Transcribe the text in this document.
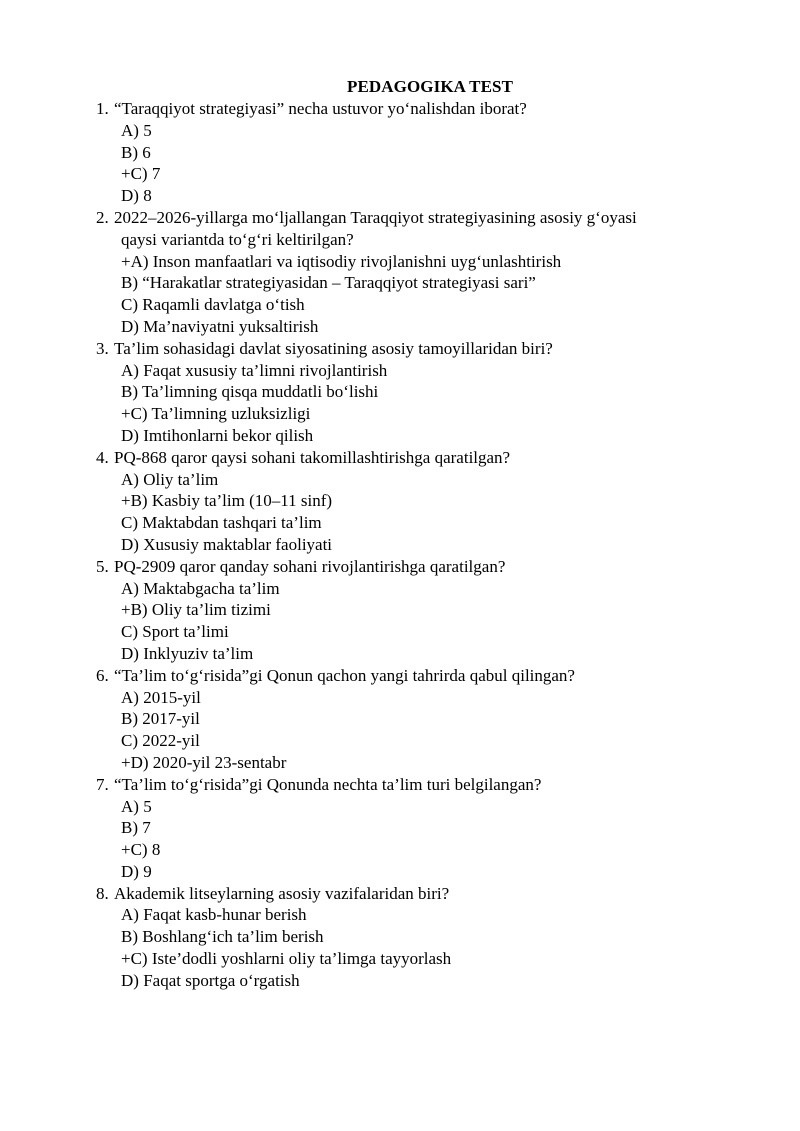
PEDAGOGIKA TEST
1. “Taraqqiyot strategiyasi” necha ustuvor yo‘nalishdan iborat?
A) 5
B) 6
+C) 7
D) 8
2. 2022–2026-yillarga mo‘ljallangan Taraqqiyot strategiyasining asosiy g‘oyasi
qaysi variantda to‘g‘ri keltirilgan?
+A) Inson manfaatlari va iqtisodiy rivojlanishni uyg‘unlashtirish
B) “Harakatlar strategiyasidan – Taraqqiyot strategiyasi sari”
C) Raqamli davlatga o‘tish
D) Ma’naviyatni yuksaltirish
3. Ta’lim sohasidagi davlat siyosatining asosiy tamoyillaridan biri?
A) Faqat xususiy ta’limni rivojlantirish
B) Ta’limning qisqa muddatli bo‘lishi
+C) Ta’limning uzluksizligi
D) Imtihonlarni bekor qilish
4. PQ-868 qaror qaysi sohani takomillashtirishga qaratilgan?
A) Oliy ta’lim
+B) Kasbiy ta’lim (10–11 sinf)
C) Maktabdan tashqari ta’lim
D) Xususiy maktablar faoliyati
5. PQ-2909 qaror qanday sohani rivojlantirishga qaratilgan?
A) Maktabgacha ta’lim
+B) Oliy ta’lim tizimi
C) Sport ta’limi
D) Inklyuziv ta’lim
6. “Ta’lim to‘g‘risida”gi Qonun qachon yangi tahrirda qabul qilingan?
A) 2015-yil
B) 2017-yil
C) 2022-yil
+D) 2020-yil 23-sentabr
7. “Ta’lim to‘g‘risida”gi Qonunda nechta ta’lim turi belgilangan?
A) 5
B) 7
+C) 8
D) 9
8. Akademik litseylarning asosiy vazifalaridan biri?
A) Faqat kasb-hunar berish
B) Boshlang‘ich ta’lim berish
+C) Iste’dodli yoshlarni oliy ta’limga tayyorlash
D) Faqat sportga o‘rgatish
